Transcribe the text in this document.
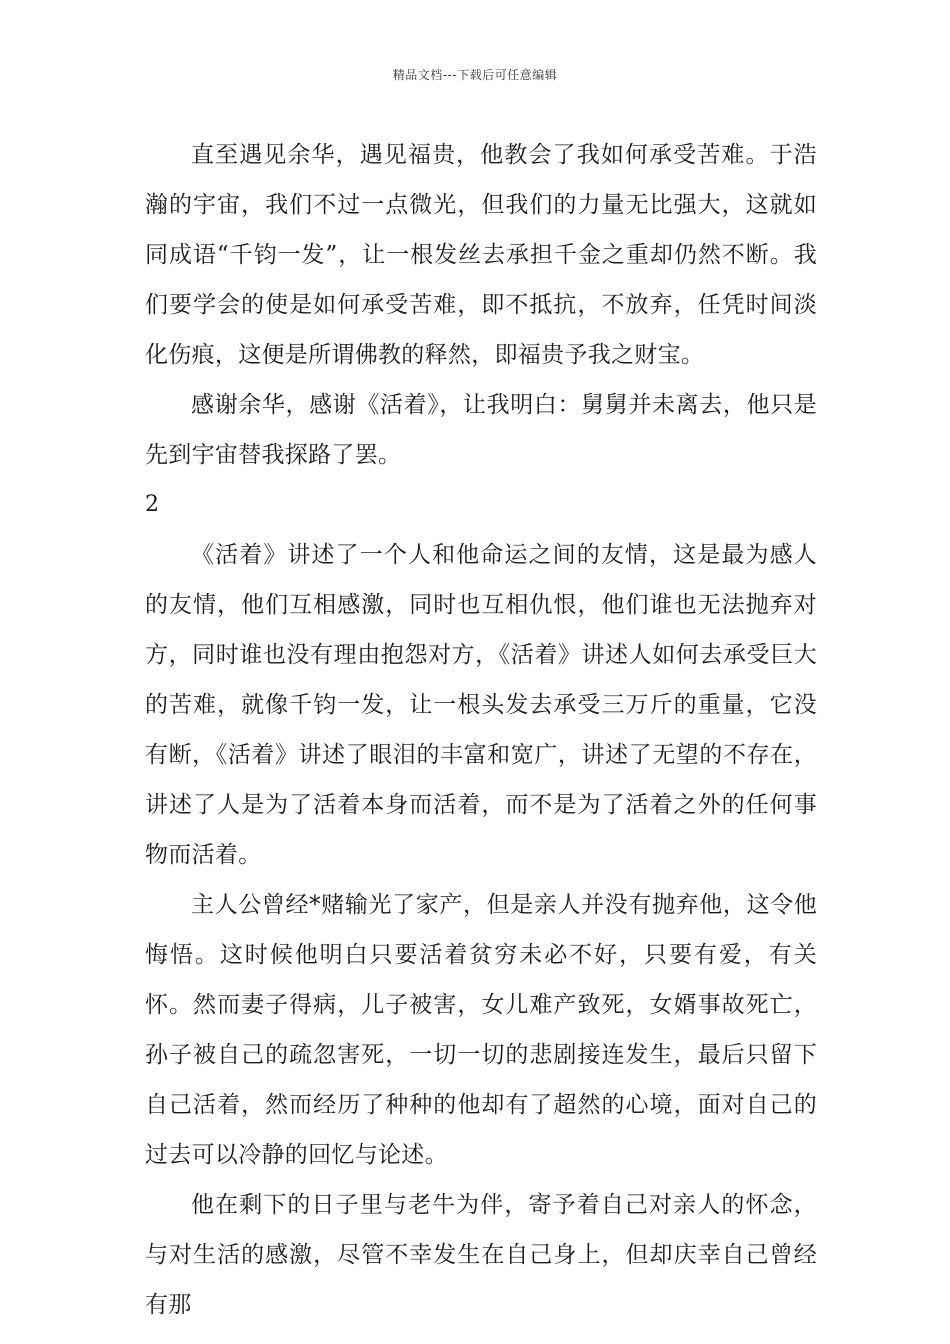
精品文档---下载后可任意编辑

直至遇见余华，遇见福贵，他教会了我如何承受苦难。于浩瀚的宇宙，我们不过一点微光，但我们的力量无比强大，这就如同成语“千钧一发”，让一根发丝去承担千金之重却仍然不断。我们要学会的使是如何承受苦难，即不抵抗，不放弃，任凭时间淡化伤痕，这便是所谓佛教的释然，即福贵予我之财宝。

感谢余华，感谢《活着》，让我明白：舅舅并未离去，他只是先到宇宙替我探路了罢。

2

《活着》讲述了一个人和他命运之间的友情，这是最为感人的友情，他们互相感激，同时也互相仇恨，他们谁也无法抛弃对方，同时谁也没有理由抱怨对方，《活着》讲述人如何去承受巨大的苦难，就像千钧一发，让一根头发去承受三万斤的重量，它没有断，《活着》讲述了眼泪的丰富和宽广，讲述了无望的不存在，讲述了人是为了活着本身而活着，而不是为了活着之外的任何事物而活着。

主人公曾经*赌输光了家产，但是亲人并没有抛弃他，这令他悔悟。这时候他明白只要活着贫穷未必不好，只要有爱，有关怀。然而妻子得病，儿子被害，女儿难产致死，女婿事故死亡，孙子被自己的疏忽害死，一切一切的悲剧接连发生，最后只留下自己活着，然而经历了种种的他却有了超然的心境，面对自己的过去可以冷静的回忆与论述。

他在剩下的日子里与老牛为伴，寄予着自己对亲人的怀念，与对生活的感激，尽管不幸发生在自己身上，但却庆幸自己曾经有那
